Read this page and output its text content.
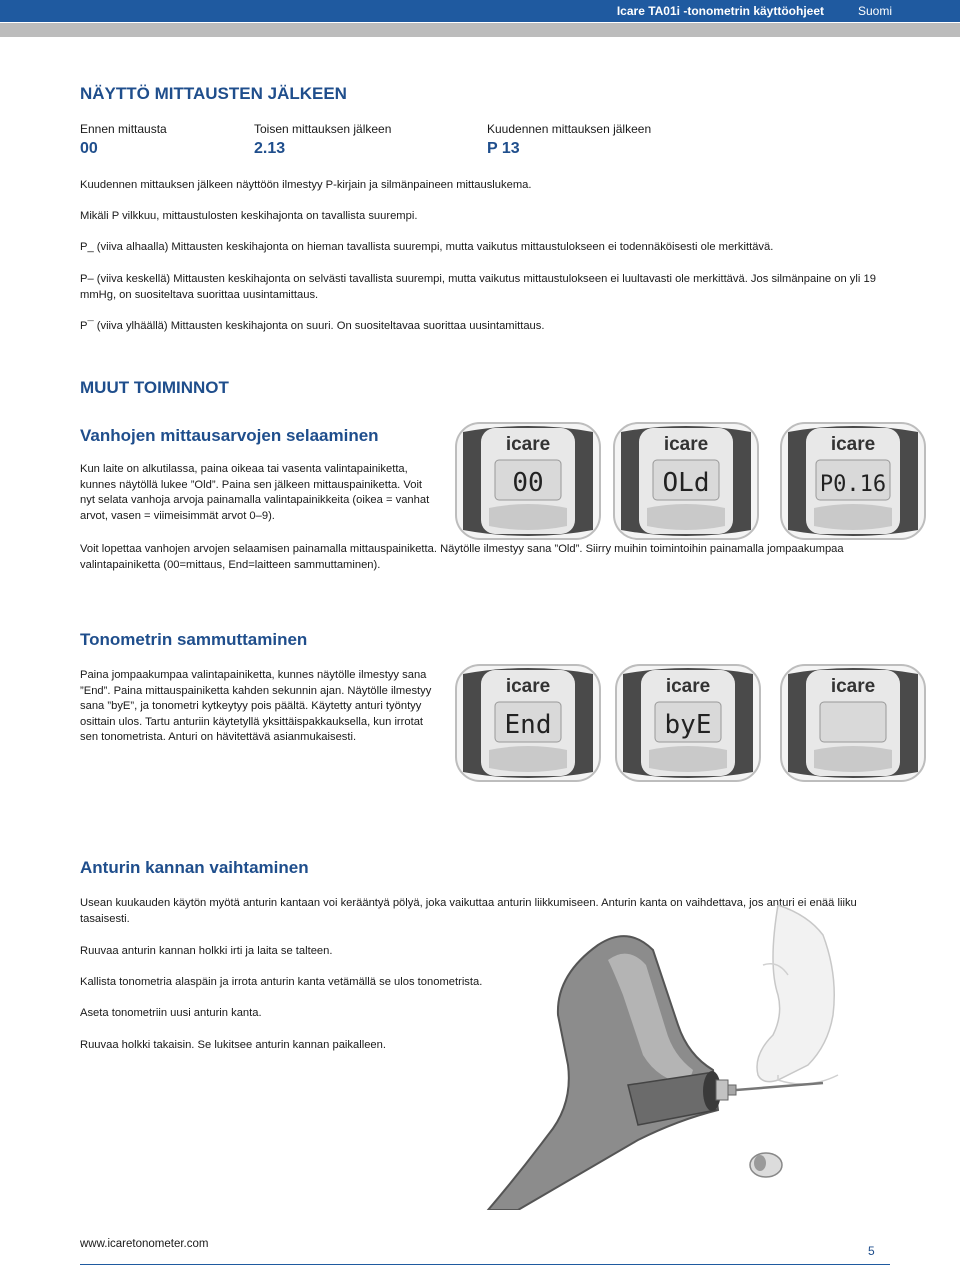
Icare TA01i -tonometrin käyttöohjeet	Suomi
NÄYTTÖ MITTAUSTEN JÄLKEEN
Ennen mittausta
00
Toisen mittauksen jälkeen
2.13
Kuudennen mittauksen jälkeen
P 13

Kuudennen mittauksen jälkeen näyttöön ilmestyy P-kirjain ja silmänpaineen mittauslukema.

Mikäli P vilkkuu, mittaustulosten keskihajonta on tavallista suurempi.

P_ (viiva alhaalla) Mittausten keskihajonta on hieman tavallista suurempi, mutta vaikutus mittaustulokseen ei todennäköisesti ole merkittävä.

P– (viiva keskellä) Mittausten keskihajonta on selvästi tavallista suurempi, mutta vaikutus mittaustulokseen ei luultavasti ole merkittävä. Jos silmänpaine on yli 19 mmHg, on suositeltava suorittaa uusintamittaus.

P¯ (viiva ylhäällä) Mittausten keskihajonta on suuri. On suositeltavaa suorittaa uusintamittaus.

MUUT TOIMINNOT
Vanhojen mittausarvojen selaaminen

Kun laite on alkutilassa, paina oikeaa tai vasenta valintapainiketta, kunnes näytöllä lukee ”Old”. Paina sen jälkeen mittauspainiketta. Voit nyt selata vanhoja arvoja painamalla valintapainikkeita (oikea = vanhat arvot, vasen = viimeisimmät arvot 0–9).

Voit lopettaa vanhojen arvojen selaamisen painamalla mittauspainiketta. Näytölle ilmestyy sana ”Old”. Siirry muihin toimintoihin painamalla jompaakumpaa valintapainiketta (00=mittaus, End=laitteen sammuttaminen).

icare
00
icare
OLd
icare
P0.16
Tonometrin sammuttaminen

Paina jompaakumpaa valintapainiketta, kunnes näytölle ilmestyy sana ”End”. Paina mittauspainiketta kahden sekunnin ajan. Näytölle ilmestyy sana ”byE”, ja tonometri kytkeytyy pois päältä. Käytetty anturi työntyy osittain ulos. Tartu anturiin käytetyllä yksittäispakkauksella, kun irrotat sen tonometrista. Anturi on hävitettävä asianmukaisesti.

icare
End
icare
byE
icare
Anturin kannan vaihtaminen

Usean kuukauden käytön myötä anturin kantaan voi kerääntyä pölyä, joka vaikuttaa anturin liikkumiseen. Anturin kanta on vaihdettava, jos anturi ei enää liiku tasaisesti.

Ruuvaa anturin kannan holkki irti ja laita se talteen.

Kallista tonometria alaspäin ja irrota anturin kanta vetämällä se ulos tonometrista.

Aseta tonometriin uusi anturin kanta.

Ruuvaa holkki takaisin. Se lukitsee anturin kannan paikalleen.

www.icaretonometer.com	5
